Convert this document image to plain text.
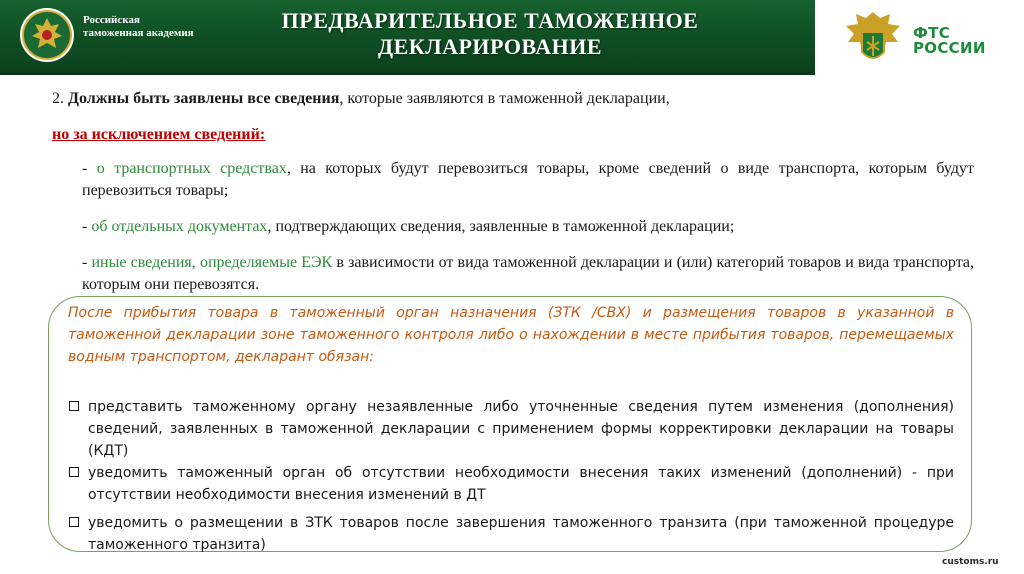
Российская таможенная академия	ПРЕДВАРИТЕЛЬНОЕ ТАМОЖЕННОЕ
ДЕКЛАРИРОВАНИЕ
ФТС
РОССИИ
2. Должны быть заявлены все сведения, которые заявляются в таможенной декларации,
но за исключением сведений:
- о транспортных средствах, на которых будут перевозиться товары, кроме сведений о виде транспорта, которым будут перевозиться товары;
- об отдельных документах, подтверждающих сведения, заявленные в таможенной декларации;
- иные сведения, определяемые ЕЭК в зависимости от вида таможенной декларации и (или) категорий товаров и вида транспорта, которым они перевозятся.
После прибытия товара в таможенный орган назначения (ЗТК /СВХ) и размещения товаров в указанной в таможенной декларации зоне таможенного контроля либо о нахождении в месте прибытия товаров, перемещаемых водным транспортом, декларант обязан:
представить таможенному органу незаявленные либо уточненные сведения путем изменения (дополнения) сведений, заявленных в таможенной декларации с применением формы корректировки декларации на товары (КДТ)
уведомить таможенный орган об отсутствии необходимости внесения таких изменений (дополнений) - при отсутствии необходимости внесения изменений в ДТ
уведомить о размещении в ЗТК товаров после завершения таможенного транзита (при таможенной процедуре таможенного транзита)
customs.ru
